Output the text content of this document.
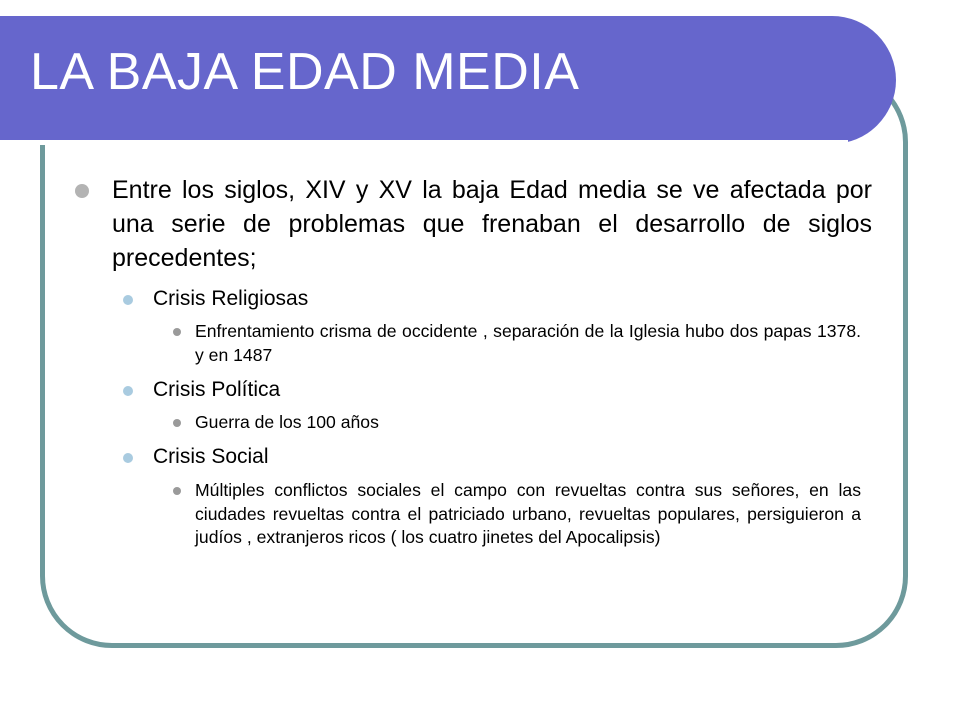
LA BAJA EDAD MEDIA

Entre los siglos, XIV y XV la baja Edad media se ve afectada por una serie de problemas que frenaban el desarrollo de siglos precedentes;

Crisis Religiosas

Enfrentamiento crisma de occidente , separación de la Iglesia hubo dos papas 1378. y en 1487

Crisis Política

Guerra de los 100 años

Crisis Social

Múltiples conflictos sociales el campo con revueltas contra sus señores, en las ciudades revueltas contra el patriciado urbano, revueltas populares, persiguieron a judíos , extranjeros ricos ( los cuatro jinetes del Apocalipsis)
